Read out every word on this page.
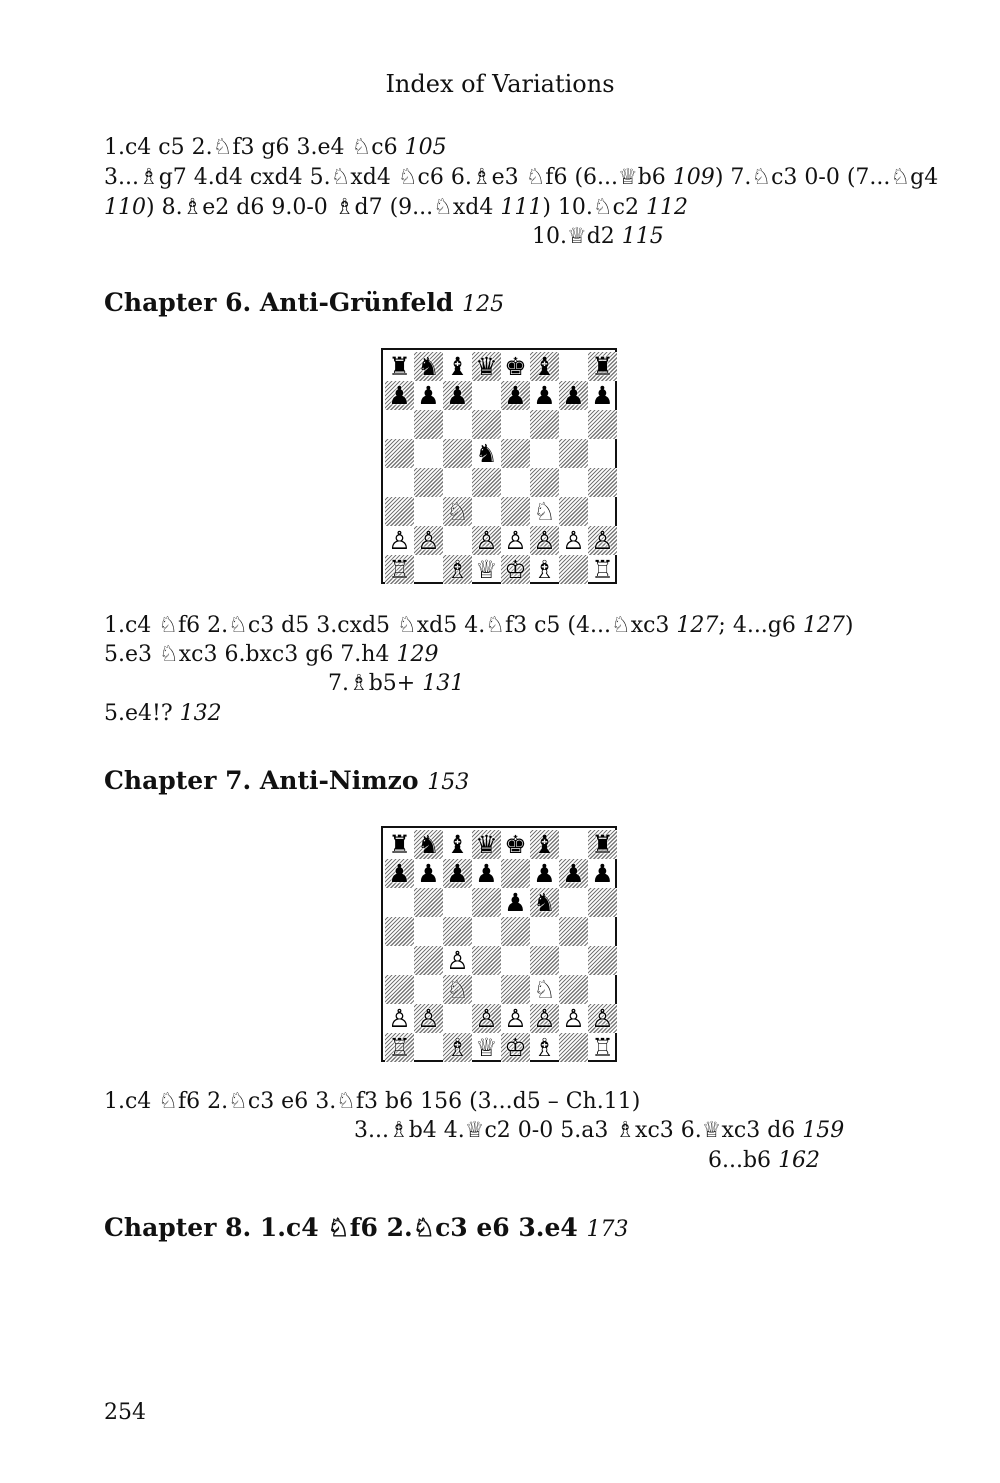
Index of Variations
1.c4 c5 2.♘f3 g6 3.e4 ♘c6 105
3...♗g7 4.d4 cxd4 5.♘xd4 ♘c6 6.♗e3 ♘f6 (6...♕b6 109) 7.♘c3 0-0 (7...♘g4
110) 8.♗e2 d6 9.0-0 ♗d7 (9...♘xd4 111) 10.♘c2 112
10.♕d2 115
Chapter 6. Anti-Grünfeld 125
♜ ♞ ♝ ♛ ♚ ♝ ♜
♟ ♟ ♟ ♟ ♟ ♟ ♟
♞
♘	♘
♙ ♙ ♙ ♙ ♙ ♙ ♙
♖ ♗ ♕ ♔ ♗ ♖
1.c4 ♘f6 2.♘c3 d5 3.cxd5 ♘xd5 4.♘f3 c5 (4...♘xc3 127; 4...g6 127)
5.e3 ♘xc3 6.bxc3 g6 7.h4 129
7.♗b5+ 131
5.e4!? 132
Chapter 7. Anti-Nimzo 153
♜ ♞ ♝ ♛ ♚ ♝ ♜
♟ ♟ ♟ ♟ ♟ ♟ ♟
♟ ♞
♙
♘	♘
♙ ♙ ♙ ♙ ♙ ♙ ♙
♖ ♗ ♕ ♔ ♗ ♖
1.c4 ♘f6 2.♘c3 e6 3.♘f3 b6 156 (3...d5 – Ch.11)
3...♗b4 4.♕c2 0-0 5.a3 ♗xc3 6.♕xc3 d6 159
6...b6 162
Chapter 8. 1.c4 ♘f6 2.♘c3 e6 3.e4 173
254
